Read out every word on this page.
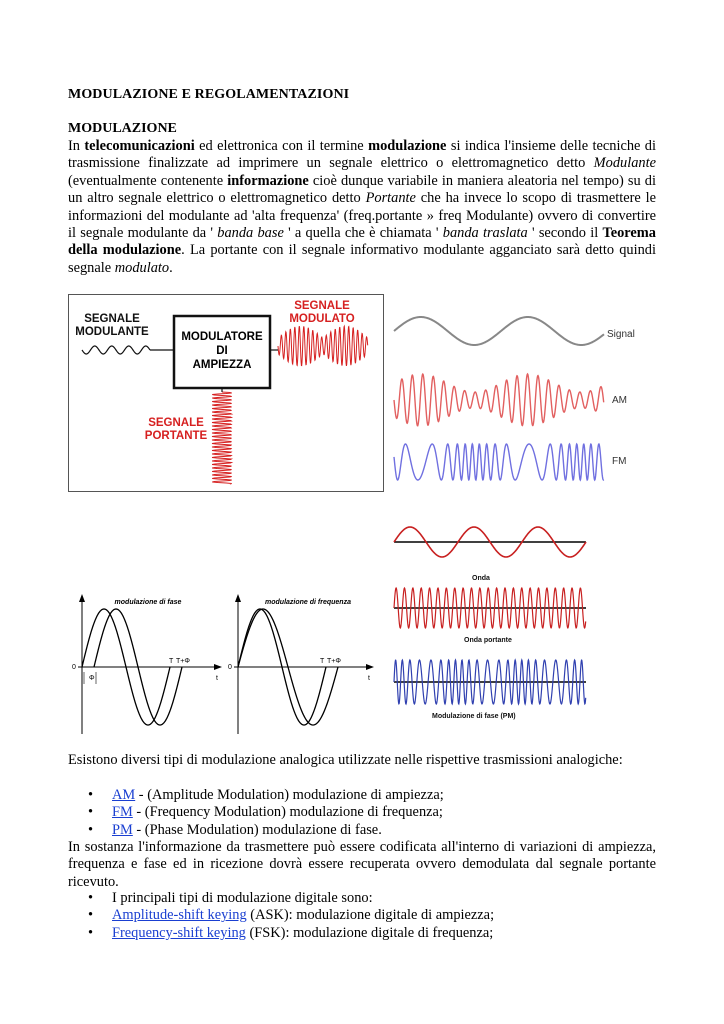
MODULAZIONE E REGOLAMENTAZIONI
MODULAZIONE
In telecomunicazioni ed elettronica con il termine modulazione si indica l'insieme delle tecniche di trasmissione finalizzate ad imprimere un segnale elettrico o elettromagnetico detto Modulante (eventualmente contenente informazione cioè dunque variabile in maniera aleatoria nel tempo) su di un altro segnale elettrico o elettromagnetico detto Portante che ha invece lo scopo di trasmettere le informazioni del modulante ad 'alta frequenza' (freq.portante » freq Modulante) ovvero di convertire il segnale modulante da ' banda base ' a quella che è chiamata ' banda traslata ' secondo il Teorema della modulazione. La portante con il segnale informativo modulante agganciato sarà detto quindi segnale modulato.
SEGNALE
MODULANTE	MODULATORE
DI
AMPIEZZA
SEGNALE
MODULATO
SEGNALE
PORTANTE
Signal
AM
FM
modulazione di fase
0
T T+Φ
t
Φ
modulazione di frequenza
0
T T+Φ
t
Onda
Onda portante
Modulazione di fase (PM)
Esistono diversi tipi di modulazione analogica utilizzate nelle rispettive trasmissioni analogiche:
• AM - (Amplitude Modulation) modulazione di ampiezza;
• FM - (Frequency Modulation) modulazione di frequenza;
• PM - (Phase Modulation) modulazione di fase.
In sostanza l'informazione da trasmettere può essere codificata all'interno di variazioni di ampiezza, frequenza e fase ed in ricezione dovrà essere recuperata ovvero demodulata dal segnale portante ricevuto.
• I principali tipi di modulazione digitale sono:
• Amplitude-shift keying (ASK): modulazione digitale di ampiezza;
• Frequency-shift keying (FSK): modulazione digitale di frequenza;
